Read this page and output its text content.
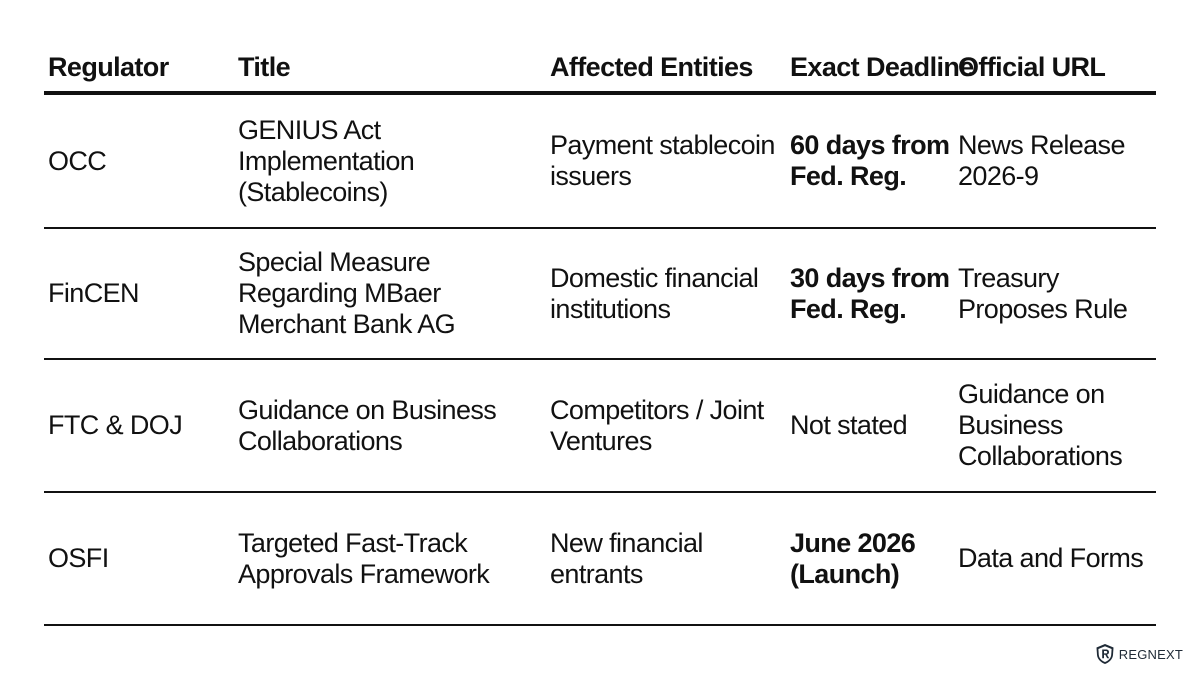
Regulator	Title	Affected Entities Exact Deadline
Official URL
OCC
GENIUS Act Implementation (Stablecoins)
Payment stablecoin issuers
60 days from Fed. Reg.
News Release 2026-9
FinCEN
Special Measure Regarding MBaer Merchant Bank AG
Domestic financial institutions
30 days from Fed. Reg.
Treasury Proposes Rule
FTC & DOJ
Guidance on Business Collaborations
Competitors / Joint Ventures
Not stated
Guidance on Business Collaborations
OSFI
Targeted Fast-Track Approvals Framework
New financial entrants
June 2026 (Launch)
Data and Forms
REGNEXT
